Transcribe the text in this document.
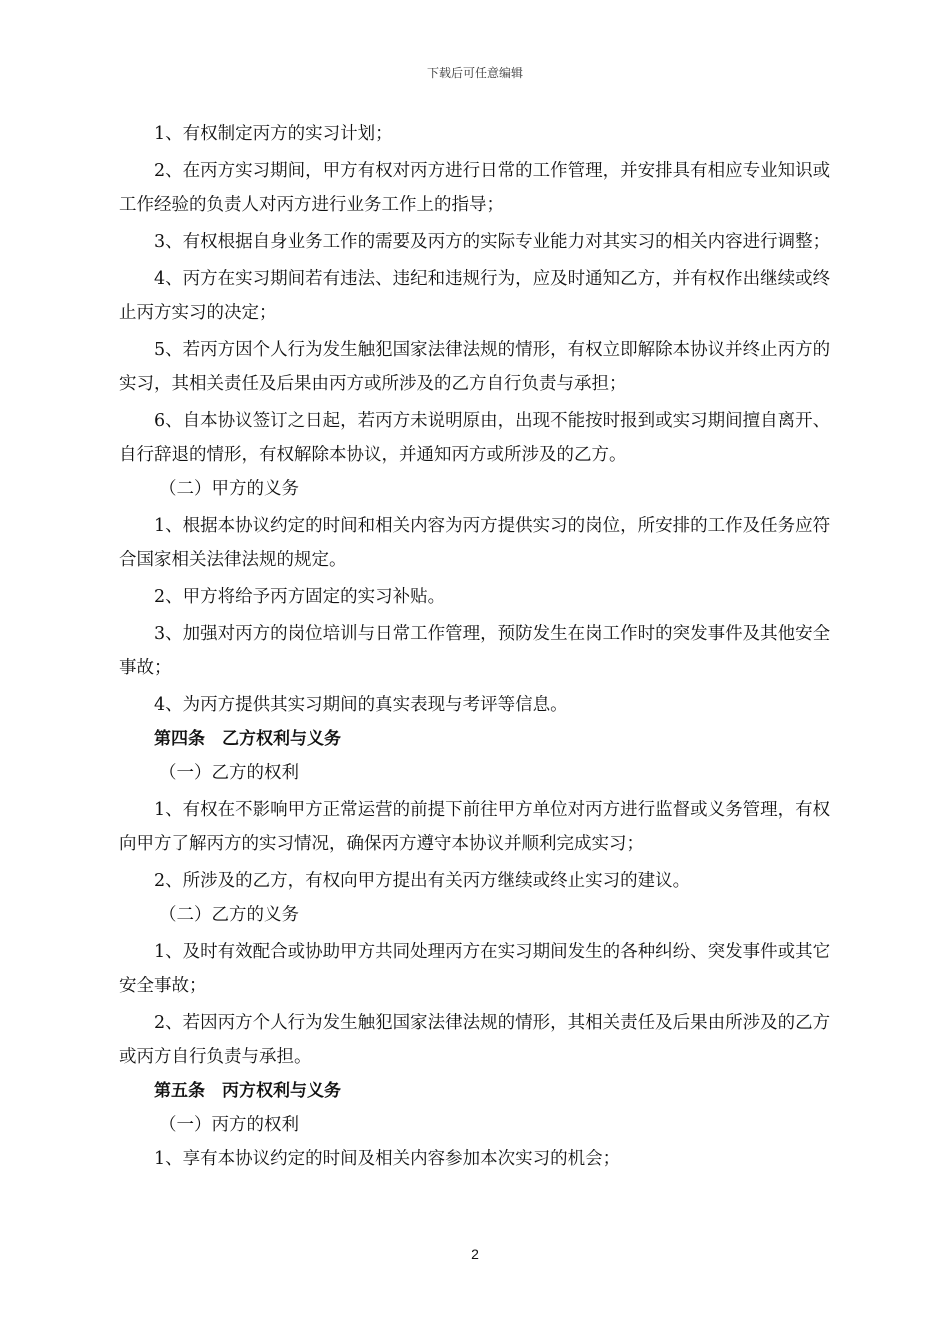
下载后可任意编辑

1、有权制定丙方的实习计划；

2、在丙方实习期间，甲方有权对丙方进行日常的工作管理，并安排具有相应专业知识或工作经验的负责人对丙方进行业务工作上的指导；

3、有权根据自身业务工作的需要及丙方的实际专业能力对其实习的相关内容进行调整；

4、丙方在实习期间若有违法、违纪和违规行为，应及时通知乙方，并有权作出继续或终止丙方实习的决定；

5、若丙方因个人行为发生触犯国家法律法规的情形，有权立即解除本协议并终止丙方的实习，其相关责任及后果由丙方或所涉及的乙方自行负责与承担；

6、自本协议签订之日起，若丙方未说明原由，出现不能按时报到或实习期间擅自离开、自行辞退的情形，有权解除本协议，并通知丙方或所涉及的乙方。

（二）甲方的义务

1、根据本协议约定的时间和相关内容为丙方提供实习的岗位，所安排的工作及任务应符合国家相关法律法规的规定。

2、甲方将给予丙方固定的实习补贴。

3、加强对丙方的岗位培训与日常工作管理，预防发生在岗工作时的突发事件及其他安全事故；

4、为丙方提供其实习期间的真实表现与考评等信息。

第四条　乙方权利与义务

（一）乙方的权利

1、有权在不影响甲方正常运营的前提下前往甲方单位对丙方进行监督或义务管理，有权向甲方了解丙方的实习情况，确保丙方遵守本协议并顺利完成实习；

2、所涉及的乙方，有权向甲方提出有关丙方继续或终止实习的建议。

（二）乙方的义务

1、及时有效配合或协助甲方共同处理丙方在实习期间发生的各种纠纷、突发事件或其它安全事故；

2、若因丙方个人行为发生触犯国家法律法规的情形，其相关责任及后果由所涉及的乙方或丙方自行负责与承担。

第五条　丙方权利与义务

（一）丙方的权利

1、享有本协议约定的时间及相关内容参加本次实习的机会；

2
